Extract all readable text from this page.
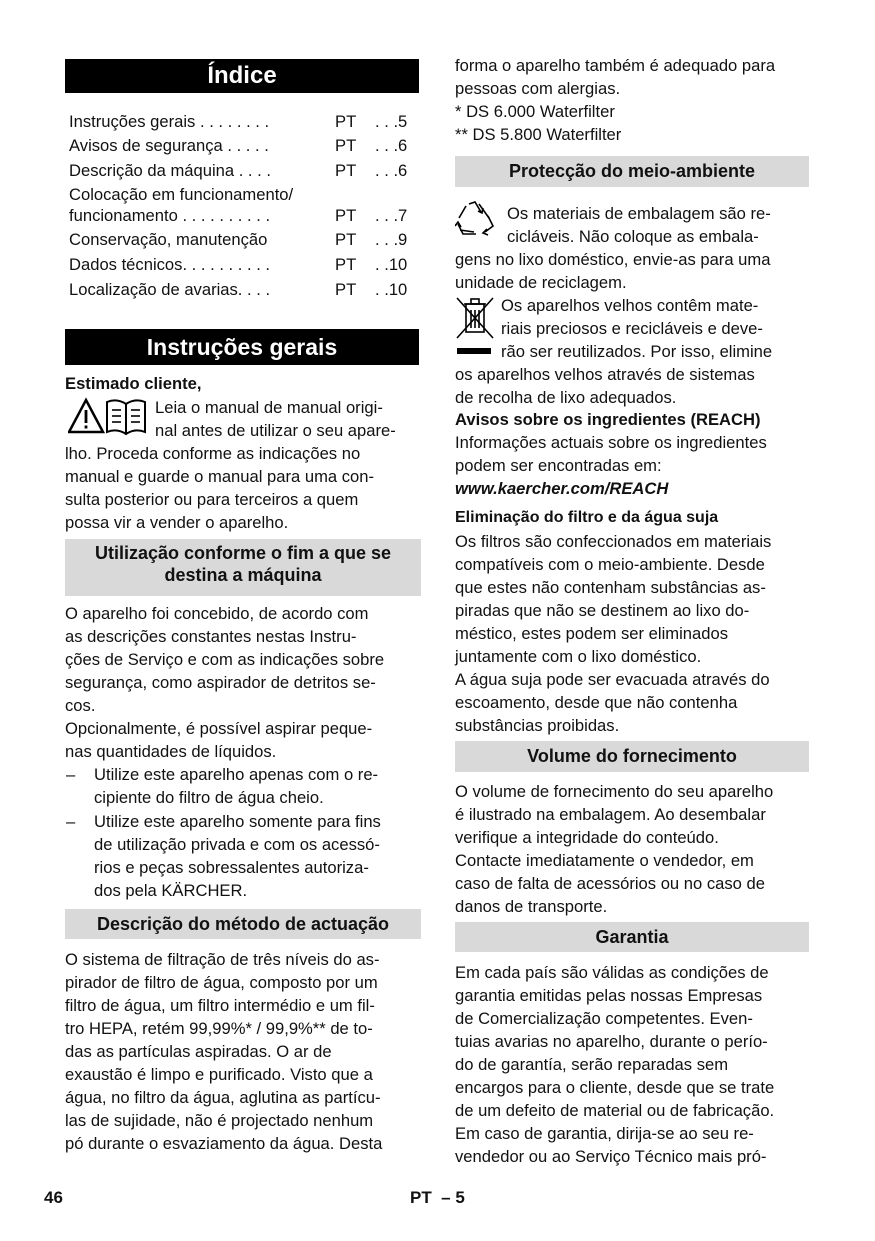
Índice
Instruções gerais . . . . . . . .	PT . . .5
Avisos de segurança . . . . .	PT . . .6
Descrição da máquina . . . .	PT . . .6
Colocação em funcionamento/
funcionamento . . . . . . . . . .	PT . . .7
Conservação, manutenção	PT . . .9
Dados técnicos. . . . . . . . . .	PT . .10
Localização de avarias. . . .	PT . .10
Instruções gerais
Estimado cliente,
Leia o manual de manual origi-
nal antes de utilizar o seu apare-
lho. Proceda conforme as indicações no
manual e guarde o manual para uma con-
sulta posterior ou para terceiros a quem
possa vir a vender o aparelho.
Utilização conforme o fim a que se
destina a máquina
O aparelho foi concebido, de acordo com
as descrições constantes nestas Instru-
ções de Serviço e com as indicações sobre
segurança, como aspirador de detritos se-
cos.
Opcionalmente, é possível aspirar peque-
nas quantidades de líquidos.
– Utilize este aparelho apenas com o re-
cipiente do filtro de água cheio.
– Utilize este aparelho somente para fins
de utilização privada e com os acessó-
rios e peças sobressalentes autoriza-
dos pela KÄRCHER.
Descrição do método de actuação
O sistema de filtração de três níveis do as-
pirador de filtro de água, composto por um
filtro de água, um filtro intermédio e um fil-
tro HEPA, retém 99,99%* / 99,9%** de to-
das as partículas aspiradas. O ar de
exaustão é limpo e purificado. Visto que a
água, no filtro da água, aglutina as partícu-
las de sujidade, não é projectado nenhum
pó durante o esvaziamento da água. Desta
forma o aparelho também é adequado para
pessoas com alergias.
* DS 6.000 Waterfilter
** DS 5.800 Waterfilter
Protecção do meio-ambiente
Os materiais de embalagem são re-
cicláveis. Não coloque as embala-
gens no lixo doméstico, envie-as para uma
unidade de reciclagem.
Os aparelhos velhos contêm mate-
riais preciosos e recicláveis e deve-
rão ser reutilizados. Por isso, elimine
os aparelhos velhos através de sistemas
de recolha de lixo adequados.
Avisos sobre os ingredientes (REACH)
Informações actuais sobre os ingredientes
podem ser encontradas em:
www.kaercher.com/REACH
Eliminação do filtro e da água suja
Os filtros são confeccionados em materiais
compatíveis com o meio-ambiente. Desde
que estes não contenham substâncias as-
piradas que não se destinem ao lixo do-
méstico, estes podem ser eliminados
juntamente com o lixo doméstico.
A água suja pode ser evacuada através do
escoamento, desde que não contenha
substâncias proibidas.
Volume do fornecimento
O volume de fornecimento do seu aparelho
é ilustrado na embalagem. Ao desembalar
verifique a integridade do conteúdo.
Contacte imediatamente o vendedor, em
caso de falta de acessórios ou no caso de
danos de transporte.
Garantia
Em cada país são válidas as condições de
garantia emitidas pelas nossas Empresas
de Comercialização competentes. Even-
tuias avarias no aparelho, durante o perío-
do de garantía, serão reparadas sem
encargos para o cliente, desde que se trate
de um defeito de material ou de fabricação.
Em caso de garantia, dirija-se ao seu re-
vendedor ou ao Serviço Técnico mais pró-
46	PT  – 5
